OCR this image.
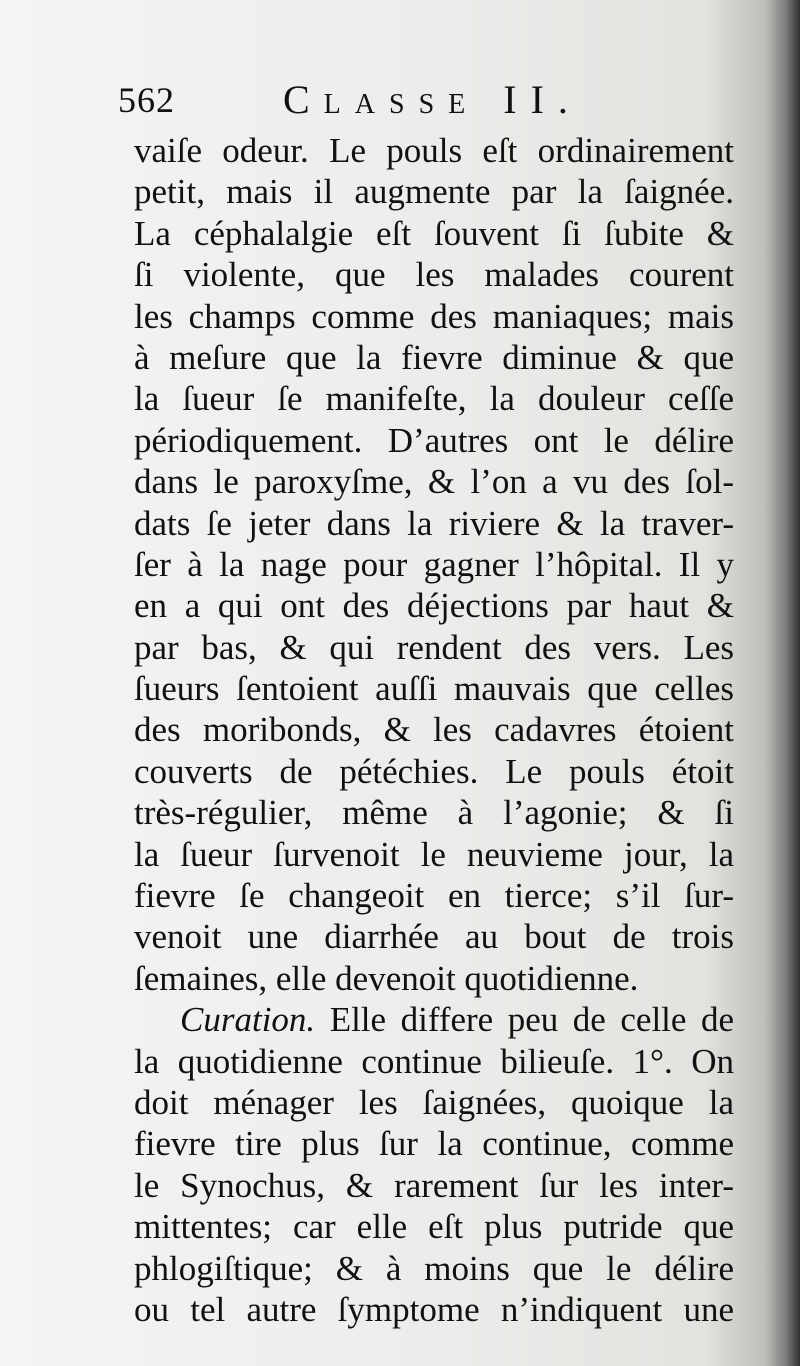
562	Classe II.
vaiſe odeur. Le pouls eſt ordinairement
petit, mais il augmente par la ſaignée.
La céphalalgie eſt ſouvent ſi ſubite &
ſi violente, que les malades courent
les champs comme des maniaques; mais
à meſure que la fievre diminue & que
la ſueur ſe manifeſte, la douleur ceſſe
périodiquement. D’autres ont le délire
dans le paroxyſme, & l’on a vu des ſol-
dats ſe jeter dans la riviere & la traver-
ſer à la nage pour gagner l’hôpital. Il y
en a qui ont des déjections par haut &
par bas, & qui rendent des vers. Les
ſueurs ſentoient auſſi mauvais que celles
des moribonds, & les cadavres étoient
couverts de pétéchies. Le pouls étoit
très-régulier, même à l’agonie; & ſi
la ſueur ſurvenoit le neuvieme jour, la
fievre ſe changeoit en tierce; s’il ſur-
venoit une diarrhée au bout de trois
ſemaines, elle devenoit quotidienne.
Curation. Elle differe peu de celle de
la quotidienne continue bilieuſe. 1°. On
doit ménager les ſaignées, quoique la
fievre tire plus ſur la continue, comme
le Synochus, & rarement ſur les inter-
mittentes; car elle eſt plus putride que
phlogiſtique; & à moins que le délire
ou tel autre ſymptome n’indiquent une
